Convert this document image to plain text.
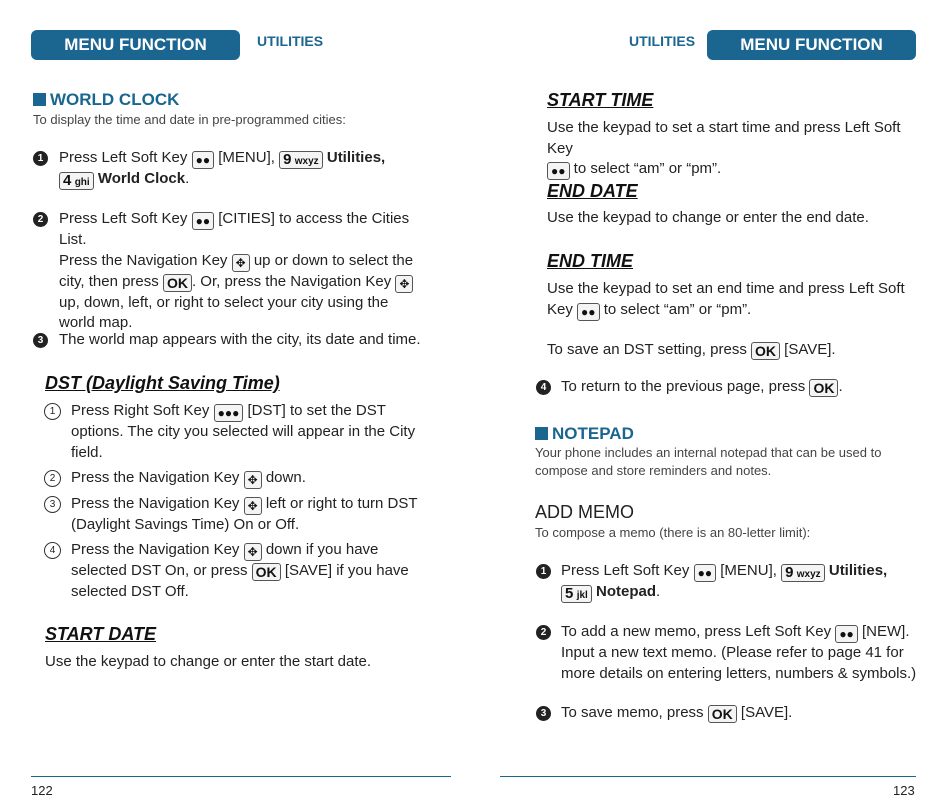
MENU FUNCTION	UTILITIES	UTILITIES	MENU FUNCTION
WORLD CLOCK
To display the time and date in pre-programmed cities:
1	Press Left Soft Key ●● [MENU], 9 wxyz Utilities,
4 ghi World Clock.
2	Press Left Soft Key ●● [CITIES] to access the Cities List.
Press the Navigation Key ✥ up or down to select the
city, then press OK . Or, press the Navigation Key ✥
up, down, left, or right to select your city using the
world map.
3	The world map appears with the city, its date and time.
DST (Daylight Saving Time)
1	Press Right Soft Key ●●● [DST] to set the DST
options. The city you selected will appear in the City
field.
2	Press the Navigation Key ✥ down.
3	Press the Navigation Key ✥ left or right to turn DST
(Daylight Savings Time) On or Off.
4	Press the Navigation Key ✥ down if you have
selected DST On, or press OK [SAVE] if you have
selected DST Off.
START DATE
Use the keypad to change or enter the start date.
122
START TIME
Use the keypad to set a start time and press Left Soft Key
●● to select “am” or “pm”.
END DATE
Use the keypad to change or enter the end date.
END TIME
Use the keypad to set an end time and press Left Soft
Key ●● to select “am” or “pm”.
To save an DST setting, press OK [SAVE].
4 To return to the previous page, press OK .
NOTEPAD
Your phone includes an internal notepad that can be used to
compose and store reminders and notes.
ADD MEMO
To compose a memo (there is an 80-letter limit):
1 Press Left Soft Key ●● [MENU], 9 wxyz Utilities,
5 jkl Notepad.
2 To add a new memo, press Left Soft Key ●● [NEW].
Input a new text memo. (Please refer to page 41 for
more details on entering letters, numbers & symbols.)
3 To save memo, press OK [SAVE].
123
